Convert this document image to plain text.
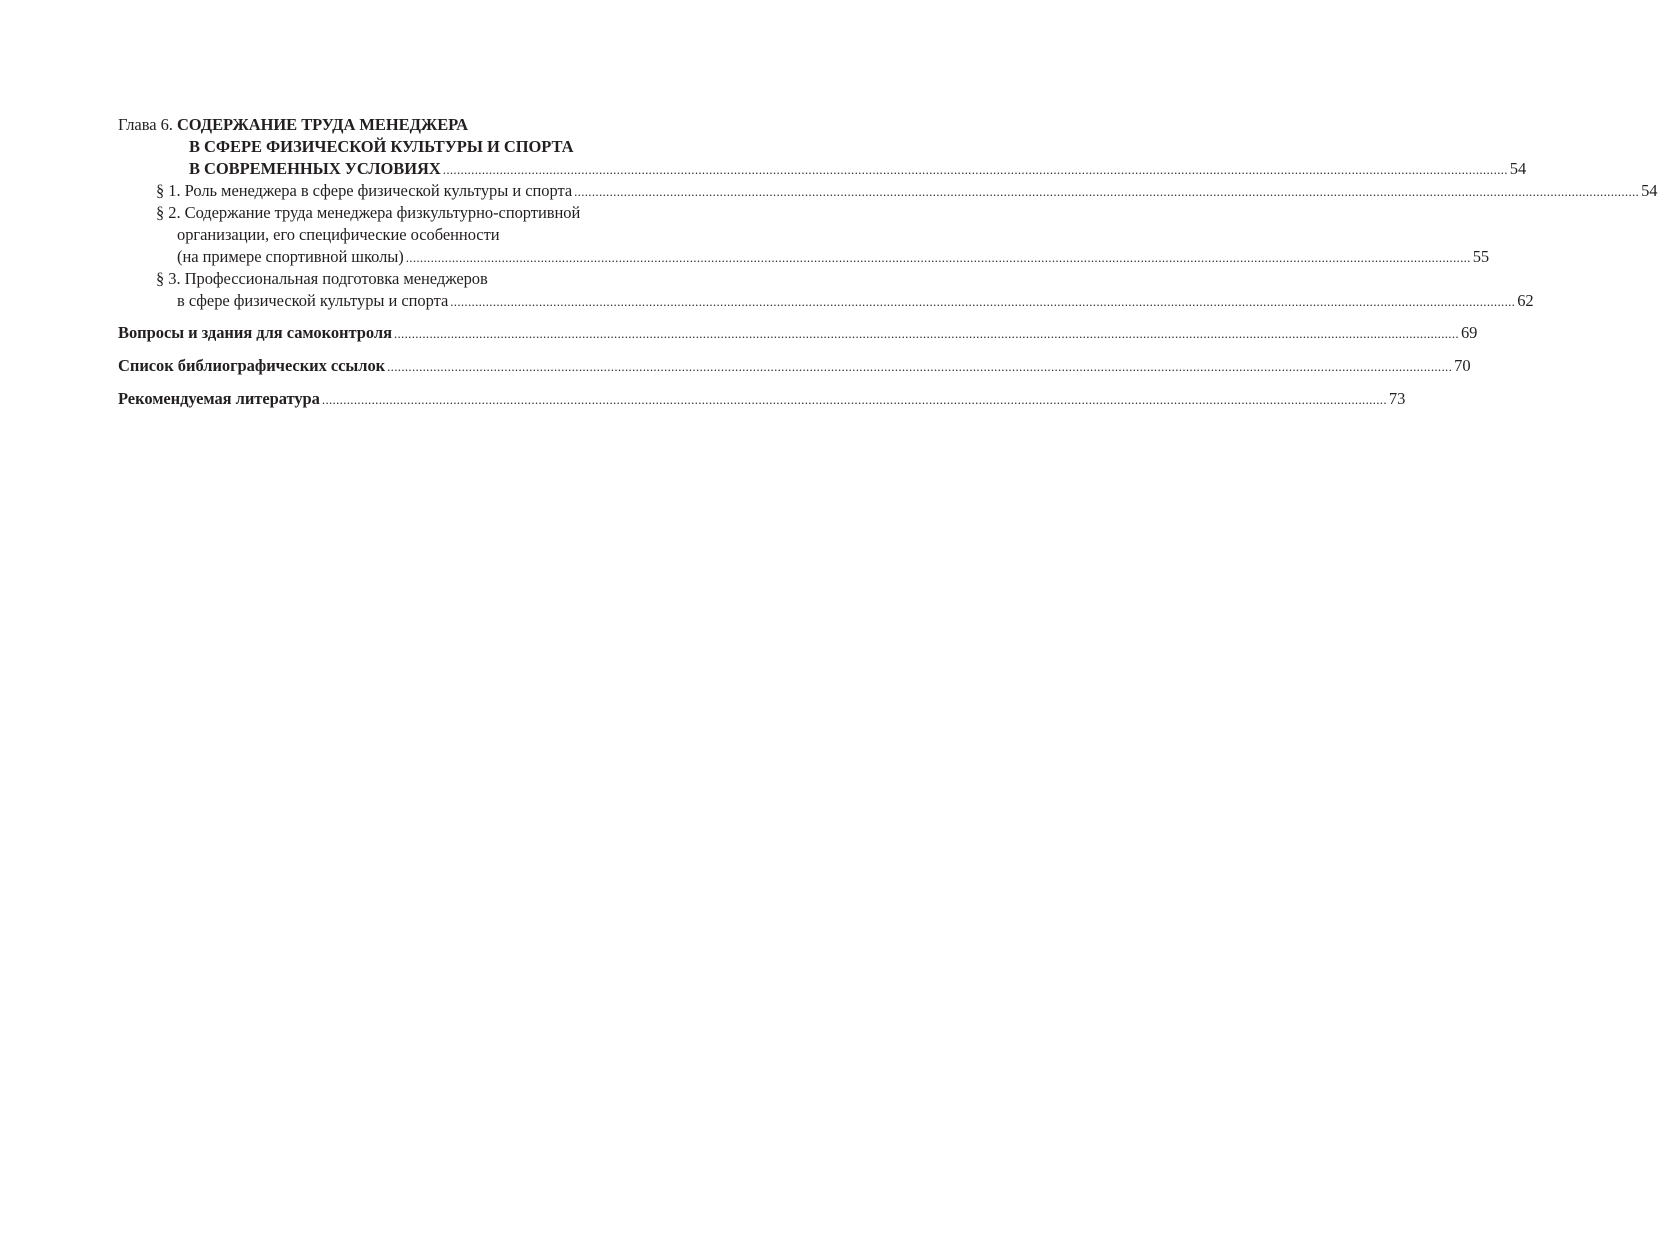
Глава 6. СОДЕРЖАНИЕ ТРУДА МЕНЕДЖЕРА
В СФЕРЕ ФИЗИЧЕСКОЙ КУЛЬТУРЫ И СПОРТА
В СОВРЕМЕННЫХ УСЛОВИЯХ ............................................................................................................................................................................................................................................................................................................ 54
§ 1. Роль менеджера в сфере физической культуры и спорта ............................................................................................................................................................................................................................................................................................................ 54
§ 2. Содержание труда менеджера физкультурно-спортивной
организации, его специфические особенности
(на примере спортивной школы) ............................................................................................................................................................................................................................................................................................................ 55
§ 3. Профессиональная подготовка менеджеров
в сфере физической культуры и спорта ............................................................................................................................................................................................................................................................................................................ 62
Вопросы и здания для самоконтроля ............................................................................................................................................................................................................................................................................................................ 69
Список библиографических ссылок ............................................................................................................................................................................................................................................................................................................ 70
Рекомендуемая литература ............................................................................................................................................................................................................................................................................................................ 73
